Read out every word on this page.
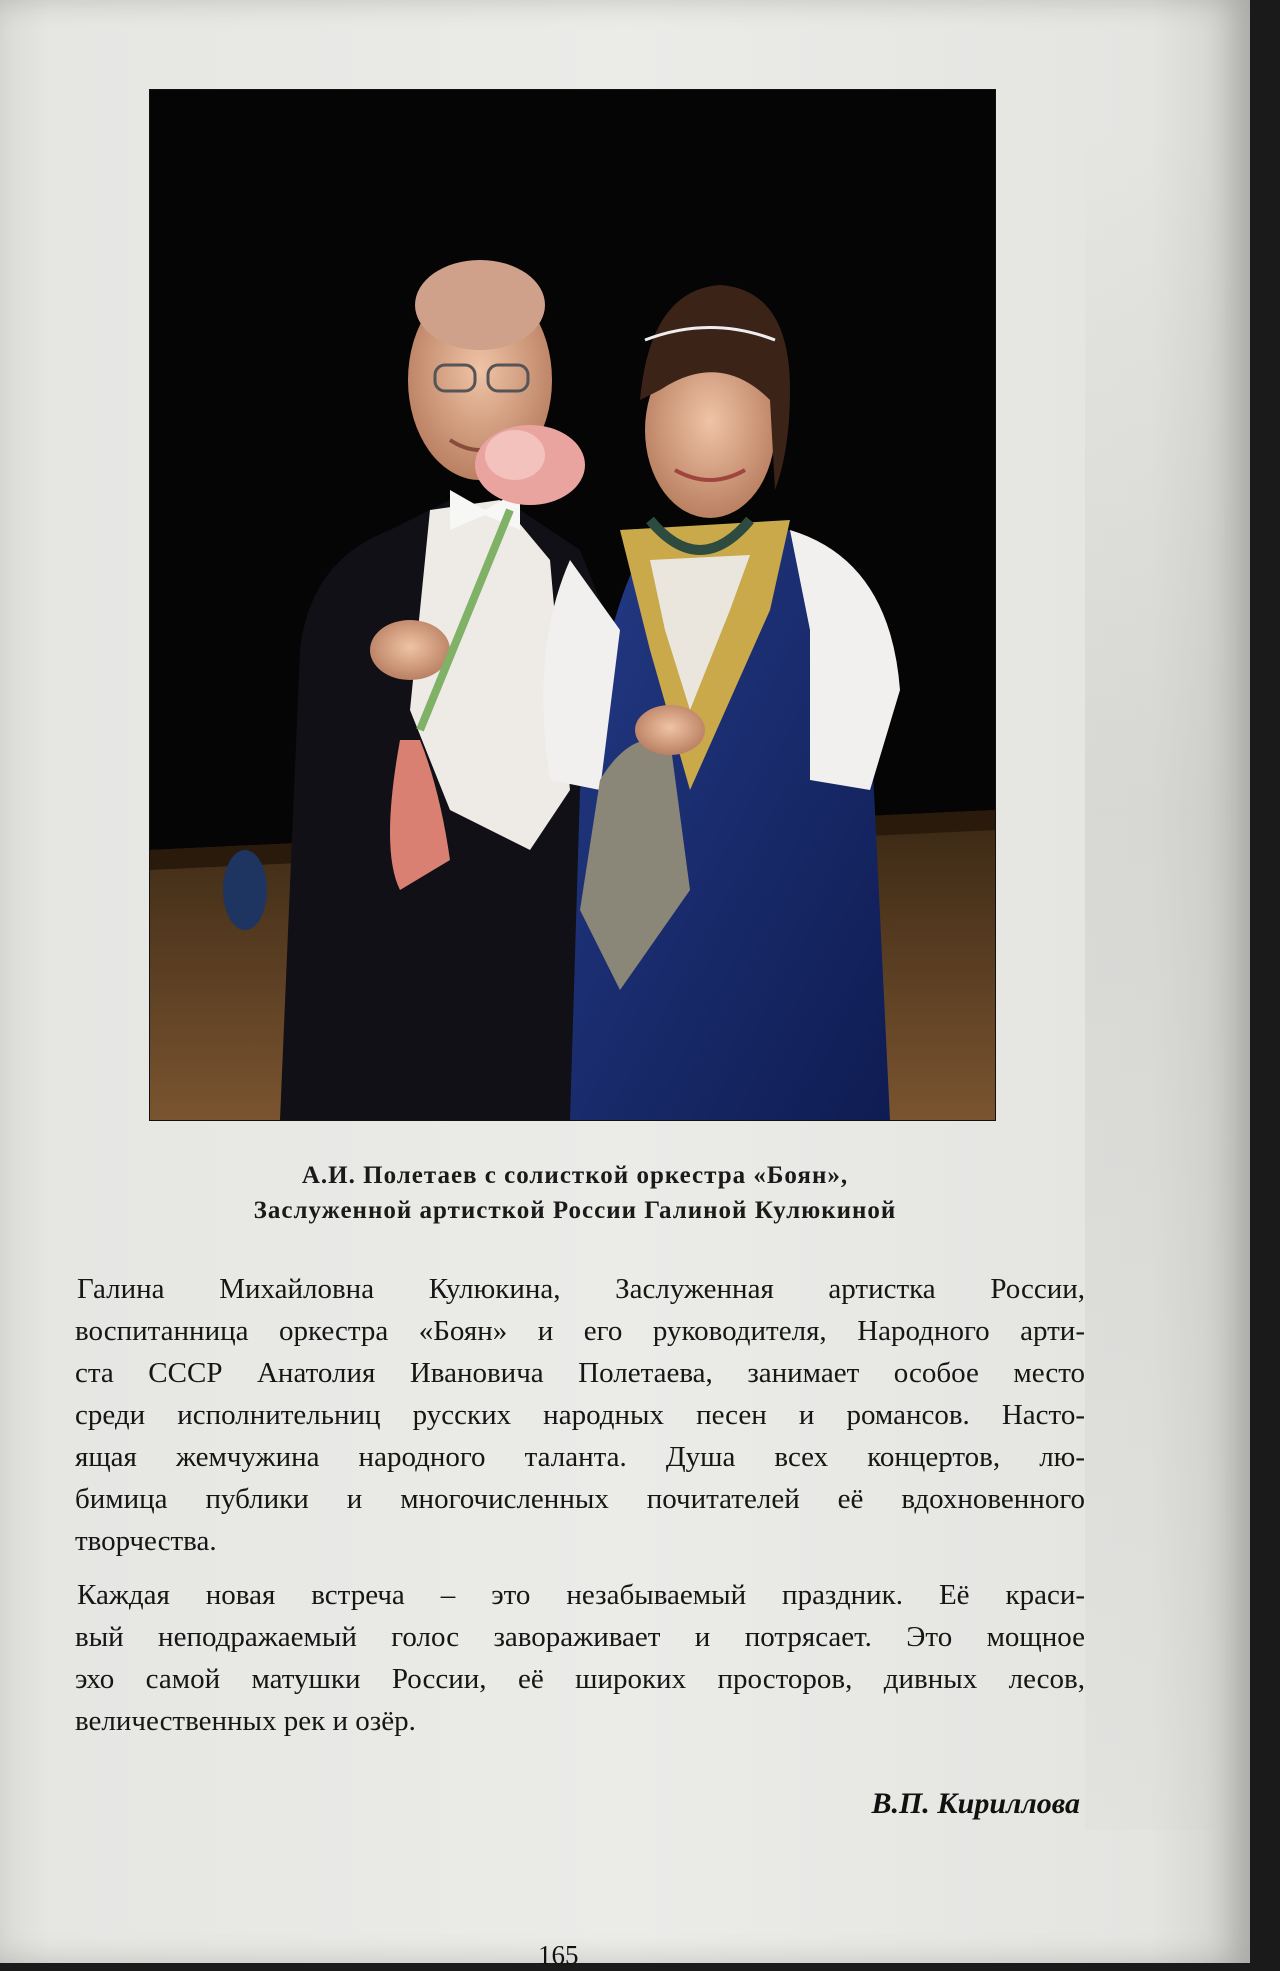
А.И. Полетаев с солисткой оркестра «Боян»,
Заслуженной артисткой России Галиной Кулюкиной

Галина Михайловна Кулюкина, Заслуженная артистка России,
воспитанница оркестра «Боян» и его руководителя, Народного арти-
ста СССР Анатолия Ивановича Полетаева, занимает особое место
среди исполнительниц русских народных песен и романсов. Насто-
ящая жемчужина народного таланта. Душа всех концертов, лю-
бимица публики и многочисленных почитателей её вдохновенного
творчества.

Каждая новая встреча – это незабываемый праздник. Её краси-
вый неподражаемый голос завораживает и потрясает. Это мощное
эхо самой матушки России, её широких просторов, дивных лесов,
величественных рек и озёр.

В.П. Кириллова
165
